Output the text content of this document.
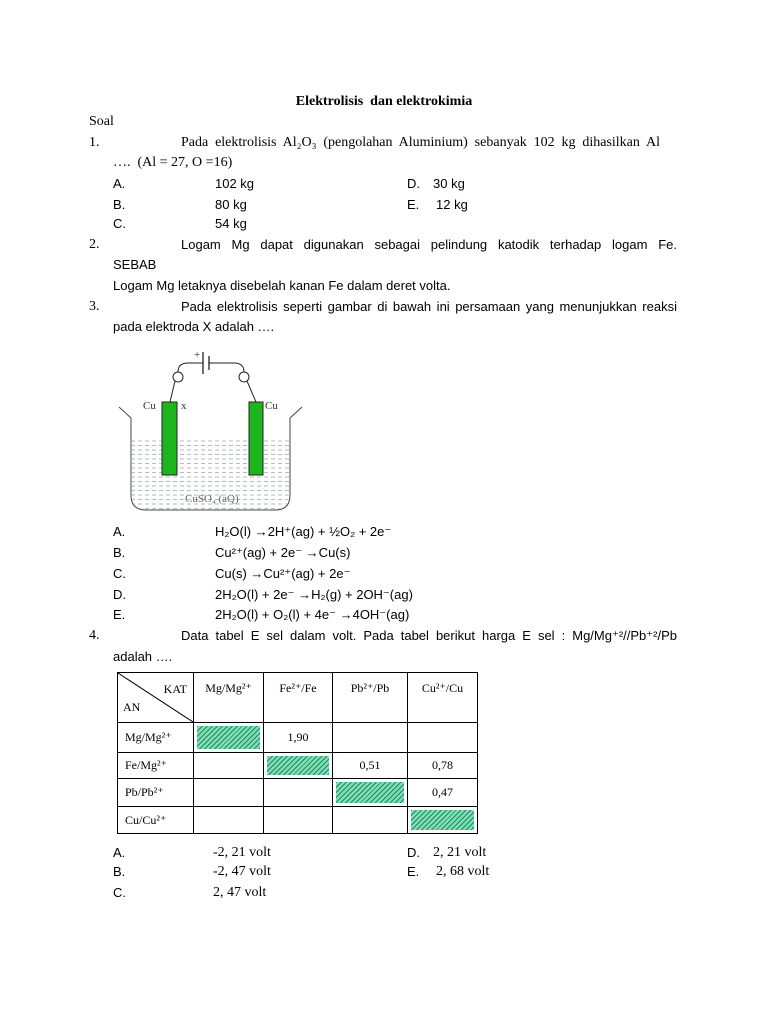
Elektrolisis  dan elektrokimia
Soal
1.	Pada elektrolisis Al₂O₃ (pengolahan Aluminium) sebanyak 102 kg dihasilkan Al
….  (Al = 27, O =16)
A.	102 kg
B.	80 kg
C.	54 kg
D. 30 kg
E. 12 kg
2.	Logam Mg dapat digunakan sebagai pelindung katodik terhadap logam Fe.
SEBAB
Logam Mg letaknya disebelah kanan Fe dalam deret volta.
3.	Pada elektrolisis seperti gambar di bawah ini persamaan yang menunjukkan reaksi
pada elektroda X adalah ….
+
Cu x	Cu
CuSO₄ (aQ)
A.	H₂O(l) →2H⁺(ag) + ½O₂ + 2e⁻
B.	Cu²⁺(ag) + 2e⁻ →Cu(s)
C.	Cu(s) →Cu²⁺(ag) + 2e⁻
D.	2H₂O(l) + 2e⁻ →H₂(g) + 2OH⁻(ag)
E.	2H₂O(l) + O₂(l) + 4e⁻ →4OH⁻(ag)
4.	Data tabel E sel dalam volt. Pada tabel berikut harga E sel : Mg/Mg⁺²//Pb⁺²/Pb
adalah ….
KAT
AN	Mg/Mg²⁺	Fe²⁺/Fe	Pb²⁺/Pb	Cu²⁺/Cu
Mg/Mg²⁺		1,90		
Fe/Mg²⁺			0,51	0,78
Pb/Pb²⁺				0,47
Cu/Cu²⁺				
A.	-2, 21 volt
B.	-2, 47 volt
C.	2, 47 volt
D. 2, 21 volt
E. 2, 68 volt
